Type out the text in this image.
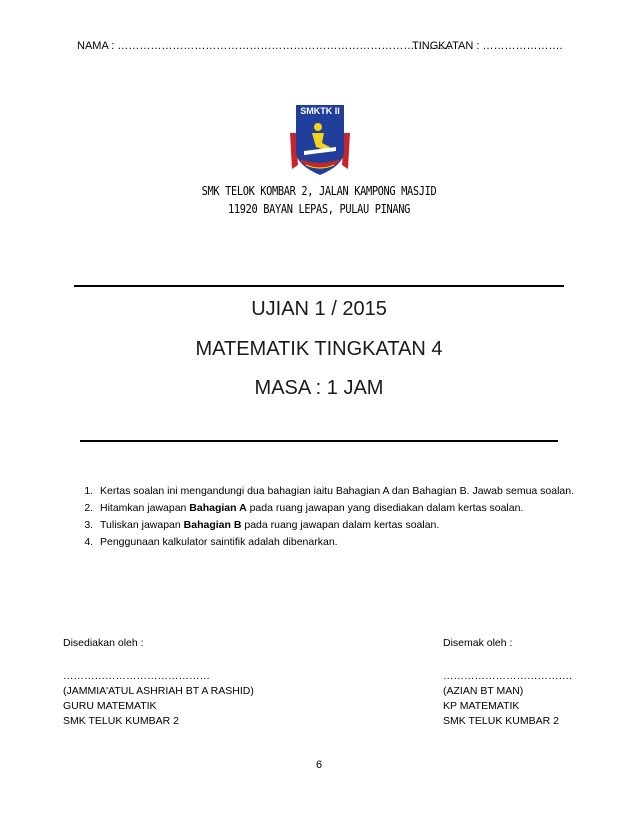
NAMA : ……………………………………………………………………………….
TINGKATAN : ………………….
SMKTK II
SMK TELOK KOMBAR 2, JALAN KAMPONG MASJID
11920 BAYAN LEPAS, PULAU PINANG
UJIAN 1 / 2015
MATEMATIK TINGKATAN 4
MASA : 1 JAM
1. Kertas soalan ini mengandungi dua bahagian iaitu Bahagian A dan Bahagian B. Jawab semua soalan.
2. Hitamkan jawapan Bahagian A pada ruang jawapan yang disediakan dalam kertas soalan.
3. Tuliskan jawapan Bahagian B pada ruang jawapan dalam kertas soalan.
4. Penggunaan kalkulator saintifik adalah dibenarkan.
Disediakan oleh :
……………………………………
(JAMMIA'ATUL ASHRIAH BT A RASHID)
GURU MATEMATIK
SMK TELUK KUMBAR 2
Disemak oleh :
……………………………….
(AZIAN BT MAN)
KP MATEMATIK
SMK TELUK KUMBAR 2
6
